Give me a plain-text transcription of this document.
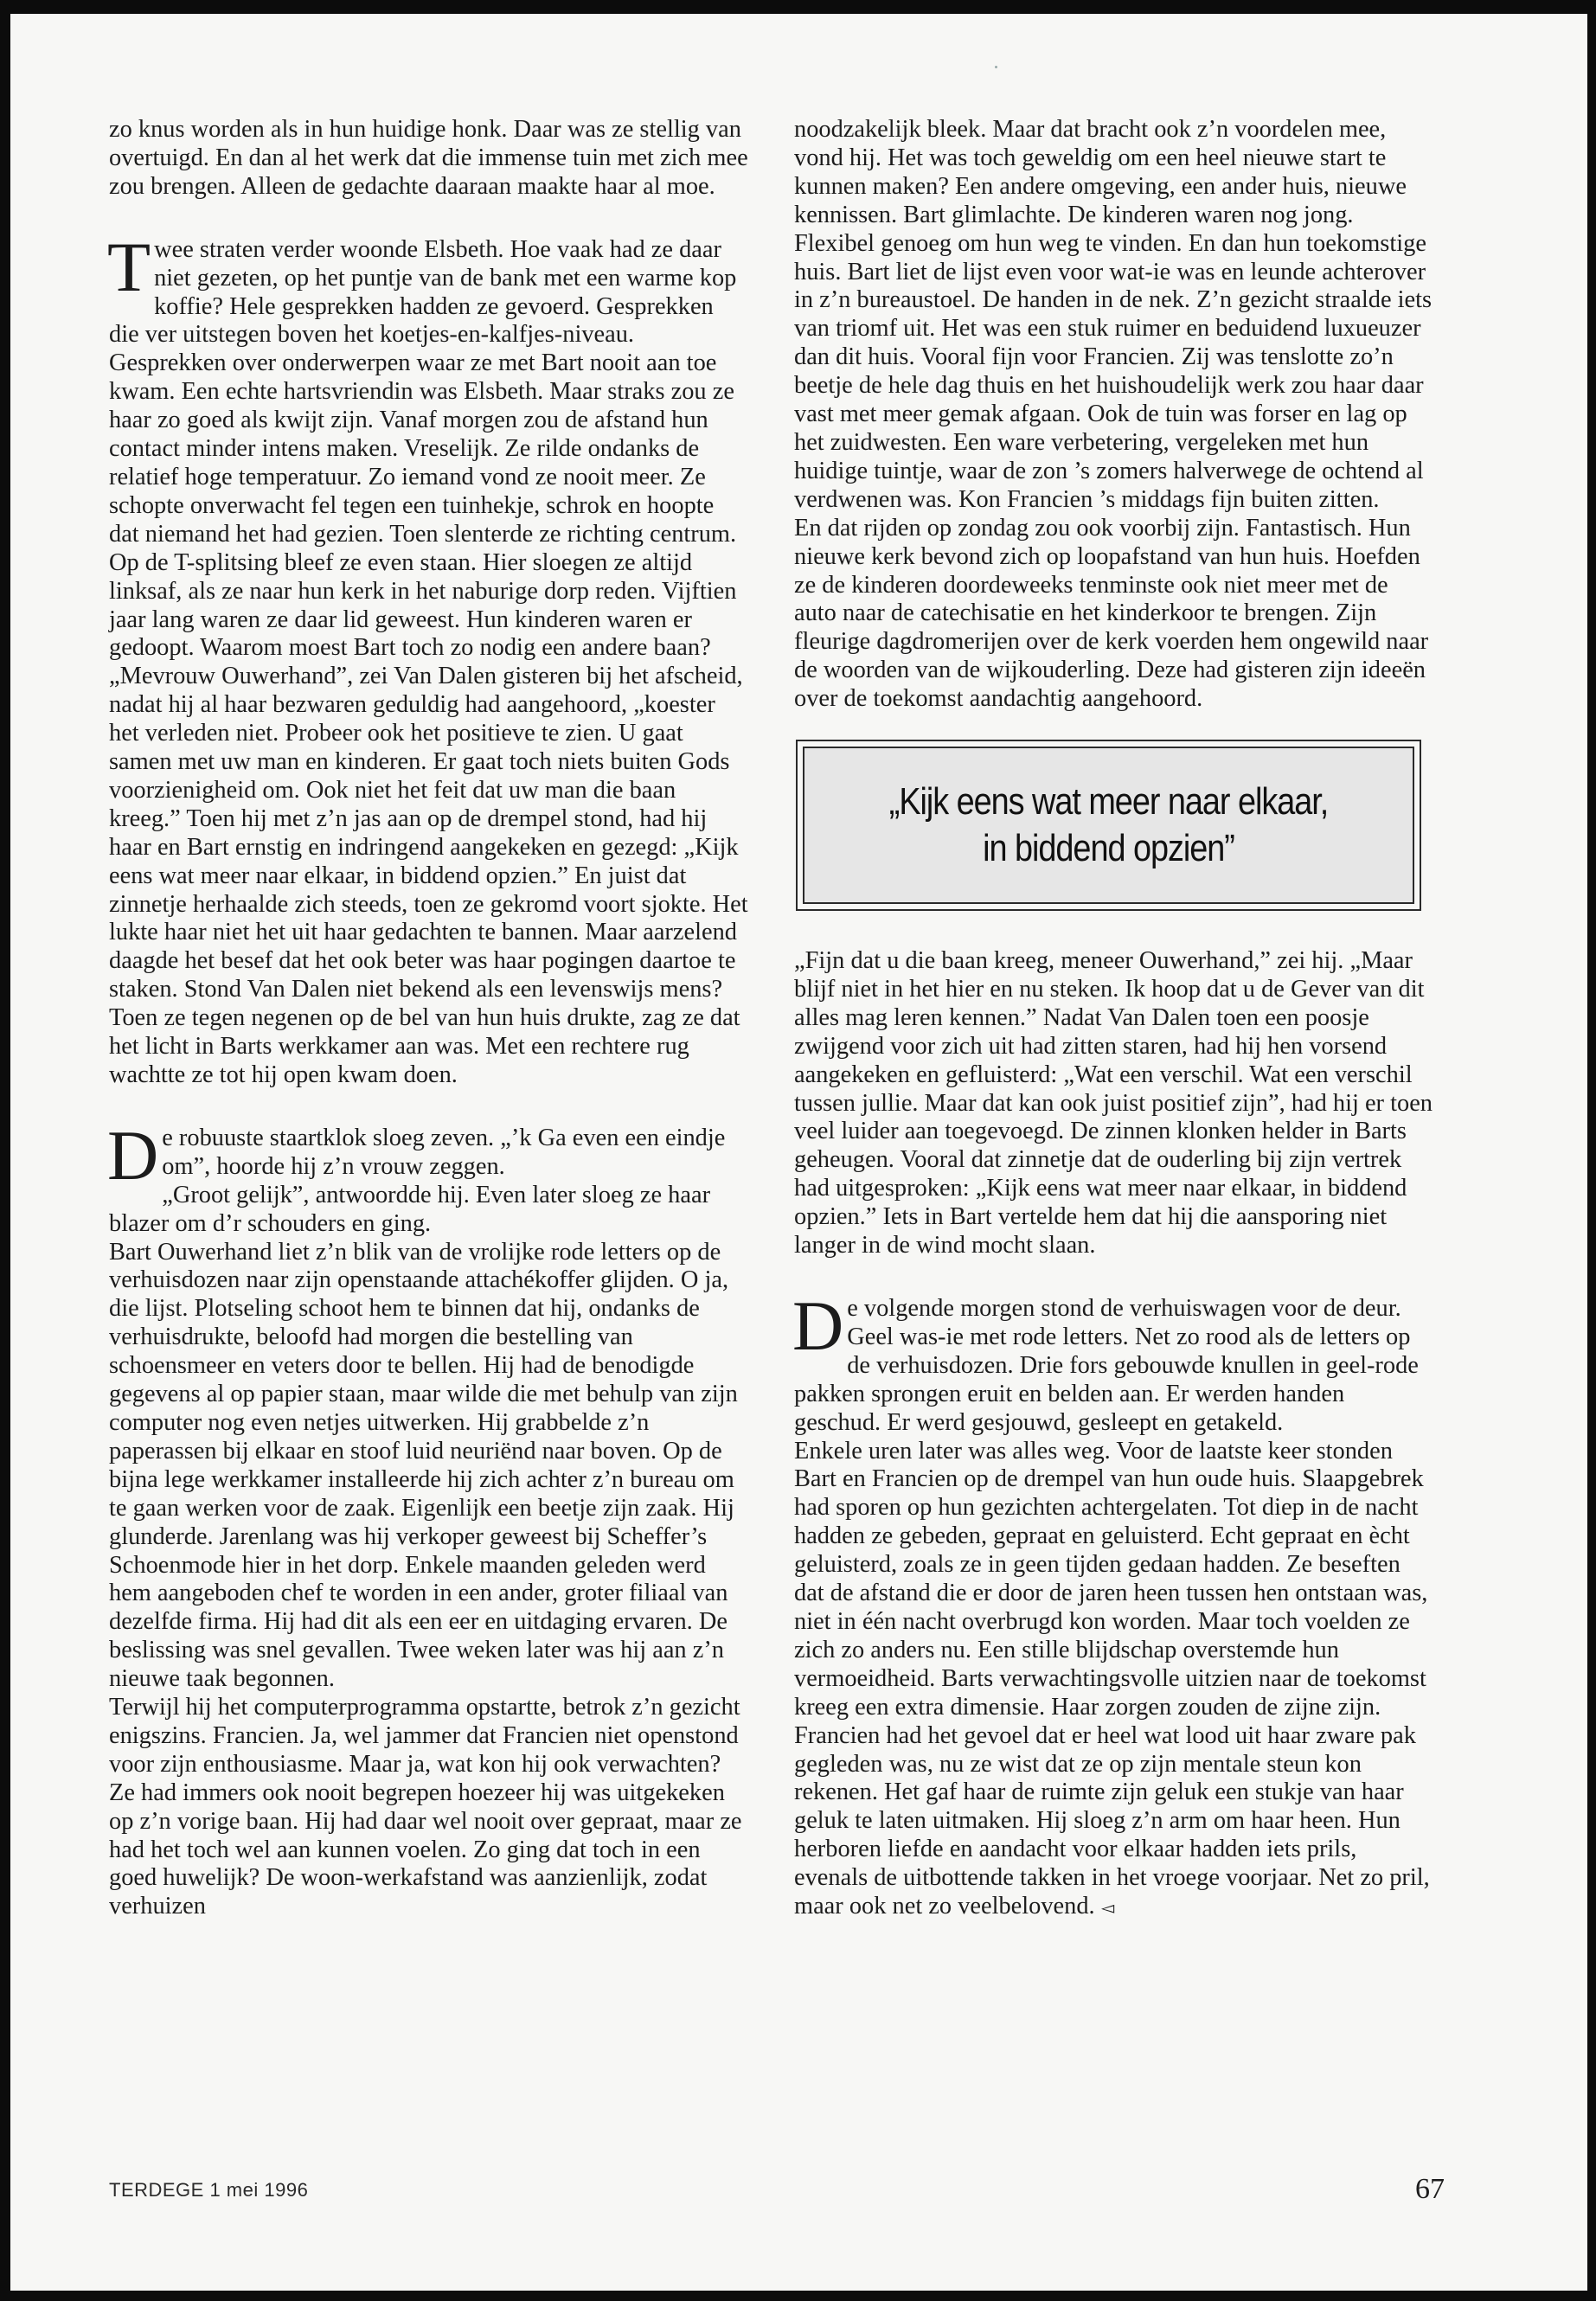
zo knus worden als in hun huidige honk. Daar was ze stellig van overtuigd. En dan al het werk dat die immense tuin met zich mee zou brengen. Alleen de gedachte daaraan maakte haar al moe.

Twee straten verder woonde Elsbeth. Hoe vaak had ze daar niet gezeten, op het puntje van de bank met een warme kop koffie? Hele gesprekken hadden ze gevoerd. Gesprekken die ver uitstegen boven het koetjes-en-kalfjes-niveau. Gesprekken over onderwerpen waar ze met Bart nooit aan toe kwam. Een echte hartsvriendin was Elsbeth. Maar straks zou ze haar zo goed als kwijt zijn. Vanaf morgen zou de afstand hun contact minder intens maken. Vreselijk. Ze rilde ondanks de relatief hoge temperatuur. Zo iemand vond ze nooit meer. Ze schopte onverwacht fel tegen een tuinhekje, schrok en hoopte dat niemand het had gezien. Toen slenterde ze richting centrum. Op de T-splitsing bleef ze even staan. Hier sloegen ze altijd linksaf, als ze naar hun kerk in het naburige dorp reden. Vijftien jaar lang waren ze daar lid geweest. Hun kinderen waren er gedoopt. Waarom moest Bart toch zo nodig een andere baan?

„Mevrouw Ouwerhand”, zei Van Dalen gisteren bij het afscheid, nadat hij al haar bezwaren geduldig had aangehoord, „koester het verleden niet. Probeer ook het positieve te zien. U gaat samen met uw man en kinderen. Er gaat toch niets buiten Gods voorzienigheid om. Ook niet het feit dat uw man die baan kreeg.” Toen hij met z’n jas aan op de drempel stond, had hij haar en Bart ernstig en indringend aangekeken en gezegd: „Kijk eens wat meer naar elkaar, in biddend opzien.” En juist dat zinnetje herhaalde zich steeds, toen ze gekromd voort sjokte. Het lukte haar niet het uit haar gedachten te bannen. Maar aarzelend daagde het besef dat het ook beter was haar pogingen daartoe te staken. Stond Van Dalen niet bekend als een levenswijs mens?

Toen ze tegen negenen op de bel van hun huis drukte, zag ze dat het licht in Barts werkkamer aan was. Met een rechtere rug wachtte ze tot hij open kwam doen.

De robuuste staartklok sloeg zeven. „’k Ga even een eindje om”, hoorde hij z’n vrouw zeggen.

„Groot gelijk”, antwoordde hij. Even later sloeg ze haar blazer om d’r schouders en ging.

Bart Ouwerhand liet z’n blik van de vrolijke rode letters op de verhuisdozen naar zijn openstaande attachékoffer glijden. O ja, die lijst. Plotseling schoot hem te binnen dat hij, ondanks de verhuisdrukte, beloofd had morgen die bestelling van schoensmeer en veters door te bellen. Hij had de benodigde gegevens al op papier staan, maar wilde die met behulp van zijn computer nog even netjes uitwerken. Hij grabbelde z’n paperassen bij elkaar en stoof luid neuriënd naar boven. Op de bijna lege werkkamer installeerde hij zich achter z’n bureau om te gaan werken voor de zaak. Eigenlijk een beetje zijn zaak. Hij glunderde. Jarenlang was hij verkoper geweest bij Scheffer’s Schoenmode hier in het dorp. Enkele maanden geleden werd hem aangeboden chef te worden in een ander, groter filiaal van dezelfde firma. Hij had dit als een eer en uitdaging ervaren. De beslissing was snel gevallen. Twee weken later was hij aan z’n nieuwe taak begonnen.

Terwijl hij het computerprogramma opstartte, betrok z’n gezicht enigszins. Francien. Ja, wel jammer dat Francien niet openstond voor zijn enthousiasme. Maar ja, wat kon hij ook verwachten? Ze had immers ook nooit begrepen hoezeer hij was uitgekeken op z’n vorige baan. Hij had daar wel nooit over gepraat, maar ze had het toch wel aan kunnen voelen. Zo ging dat toch in een goed huwelijk? De woon-werkafstand was aanzienlijk, zodat verhuizen

noodzakelijk bleek. Maar dat bracht ook z’n voordelen mee, vond hij. Het was toch geweldig om een heel nieuwe start te kunnen maken? Een andere omgeving, een ander huis, nieuwe kennissen. Bart glimlachte. De kinderen waren nog jong. Flexibel genoeg om hun weg te vinden. En dan hun toekomstige huis. Bart liet de lijst even voor wat-ie was en leunde achterover in z’n bureaustoel. De handen in de nek. Z’n gezicht straalde iets van triomf uit. Het was een stuk ruimer en beduidend luxueuzer dan dit huis. Vooral fijn voor Francien. Zij was tenslotte zo’n beetje de hele dag thuis en het huishoudelijk werk zou haar daar vast met meer gemak afgaan. Ook de tuin was forser en lag op het zuidwesten. Een ware verbetering, vergeleken met hun huidige tuintje, waar de zon ’s zomers halverwege de ochtend al verdwenen was. Kon Francien ’s middags fijn buiten zitten.

En dat rijden op zondag zou ook voorbij zijn. Fantastisch. Hun nieuwe kerk bevond zich op loopafstand van hun huis. Hoefden ze de kinderen doordeweeks tenminste ook niet meer met de auto naar de catechisatie en het kinderkoor te brengen. Zijn fleurige dagdromerijen over de kerk voerden hem ongewild naar de woorden van de wijkouderling. Deze had gisteren zijn ideeën over de toekomst aandachtig aangehoord.

„Kijk eens wat meer naar elkaar, in biddend opzien”

„Fijn dat u die baan kreeg, meneer Ouwerhand,” zei hij. „Maar blijf niet in het hier en nu steken. Ik hoop dat u de Gever van dit alles mag leren kennen.” Nadat Van Dalen toen een poosje zwijgend voor zich uit had zitten staren, had hij hen vorsend aangekeken en gefluisterd: „Wat een verschil. Wat een verschil tussen jullie. Maar dat kan ook juist positief zijn”, had hij er toen veel luider aan toegevoegd. De zinnen klonken helder in Barts geheugen. Vooral dat zinnetje dat de ouderling bij zijn vertrek had uitgesproken: „Kijk eens wat meer naar elkaar, in biddend opzien.” Iets in Bart vertelde hem dat hij die aansporing niet langer in de wind mocht slaan.

De volgende morgen stond de verhuiswagen voor de deur. Geel was-ie met rode letters. Net zo rood als de letters op de verhuisdozen. Drie fors gebouwde knullen in geel-rode pakken sprongen eruit en belden aan. Er werden handen geschud. Er werd gesjouwd, gesleept en getakeld.

Enkele uren later was alles weg. Voor de laatste keer stonden Bart en Francien op de drempel van hun oude huis. Slaapgebrek had sporen op hun gezichten achtergelaten. Tot diep in de nacht hadden ze gebeden, gepraat en geluisterd. Echt gepraat en ècht geluisterd, zoals ze in geen tijden gedaan hadden. Ze beseften dat de afstand die er door de jaren heen tussen hen ontstaan was, niet in één nacht overbrugd kon worden. Maar toch voelden ze zich zo anders nu. Een stille blijdschap overstemde hun vermoeidheid. Barts verwachtingsvolle uitzien naar de toekomst kreeg een extra dimensie. Haar zorgen zouden de zijne zijn. Francien had het gevoel dat er heel wat lood uit haar zware pak gegleden was, nu ze wist dat ze op zijn mentale steun kon rekenen. Het gaf haar de ruimte zijn geluk een stukje van haar geluk te laten uitmaken. Hij sloeg z’n arm om haar heen. Hun herboren liefde en aandacht voor elkaar hadden iets prils, evenals de uitbottende takken in het vroege voorjaar. Net zo pril, maar ook net zo veelbelovend. ◅

TERDEGE 1 mei 1996	67
